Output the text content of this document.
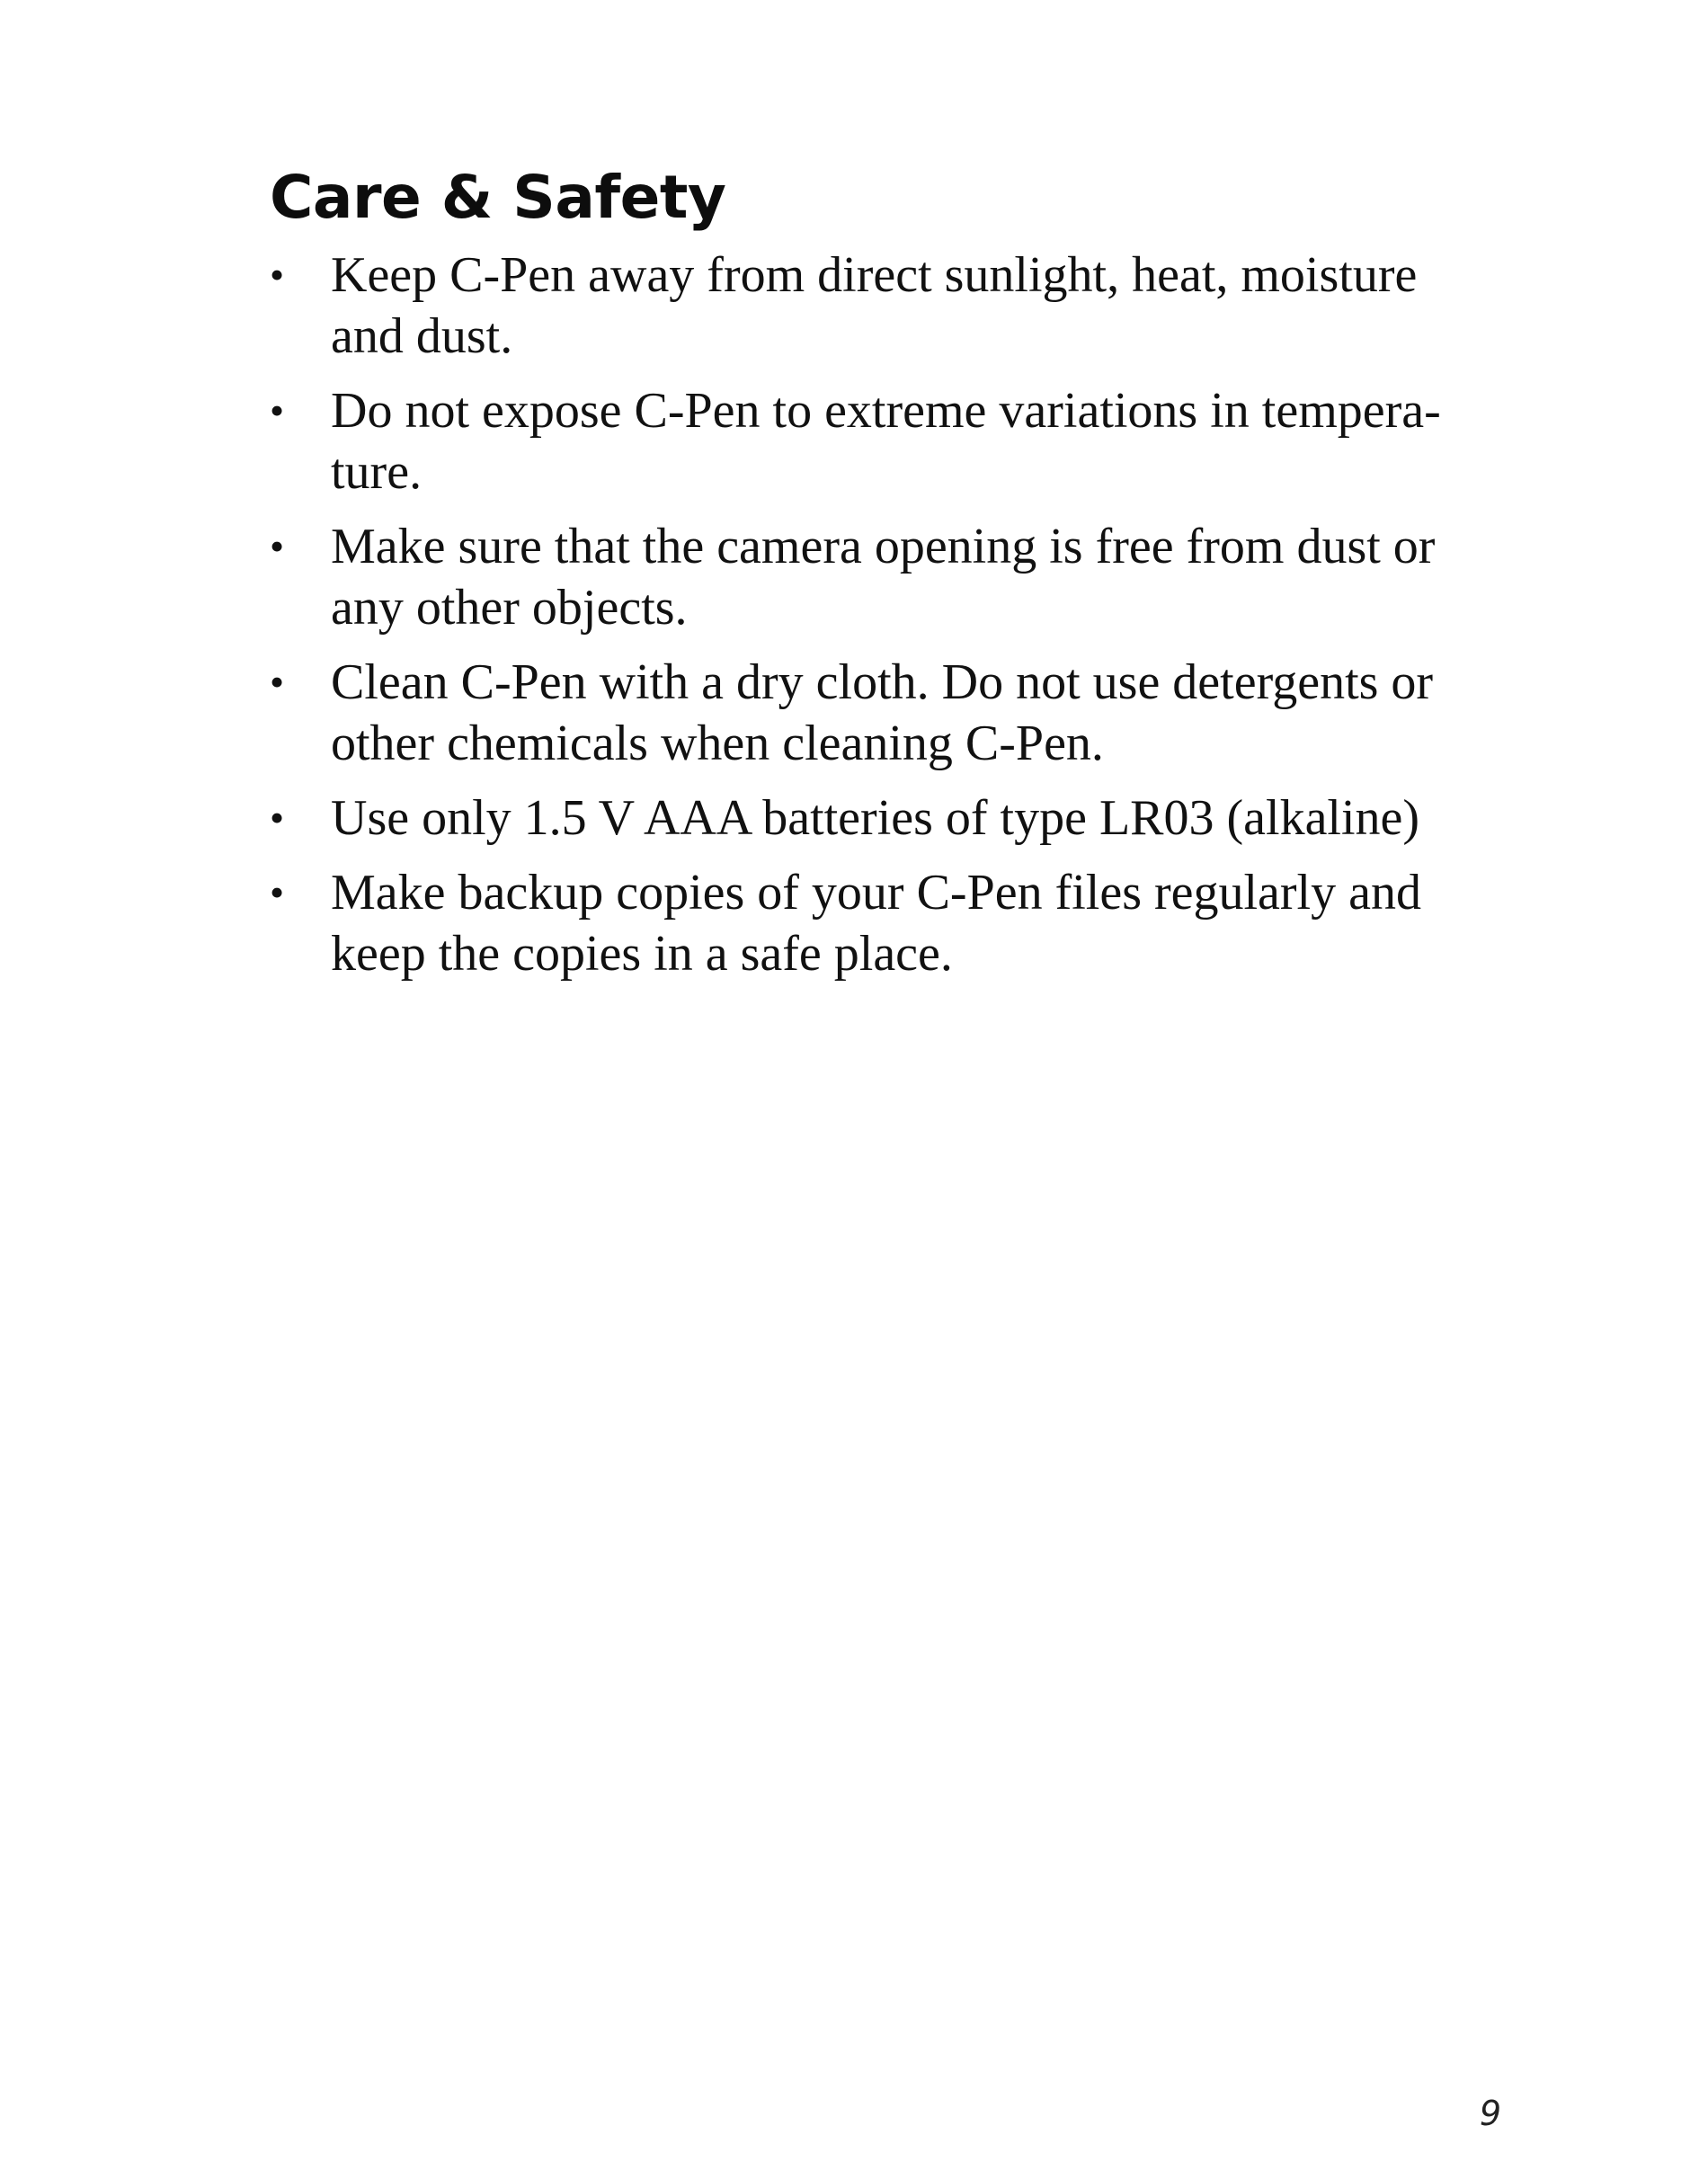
Care & Safety
• Keep C-Pen away from direct sunlight, heat, moisture
and dust.
• Do not expose C-Pen to extreme variations in tempera-
ture.
• Make sure that the camera opening is free from dust or
any other objects.
• Clean C-Pen with a dry cloth. Do not use detergents or
other chemicals when cleaning C-Pen.
• Use only 1.5 V AAA batteries of type LR03 (alkaline)
• Make backup copies of your C-Pen files regularly and
keep the copies in a safe place.
9
